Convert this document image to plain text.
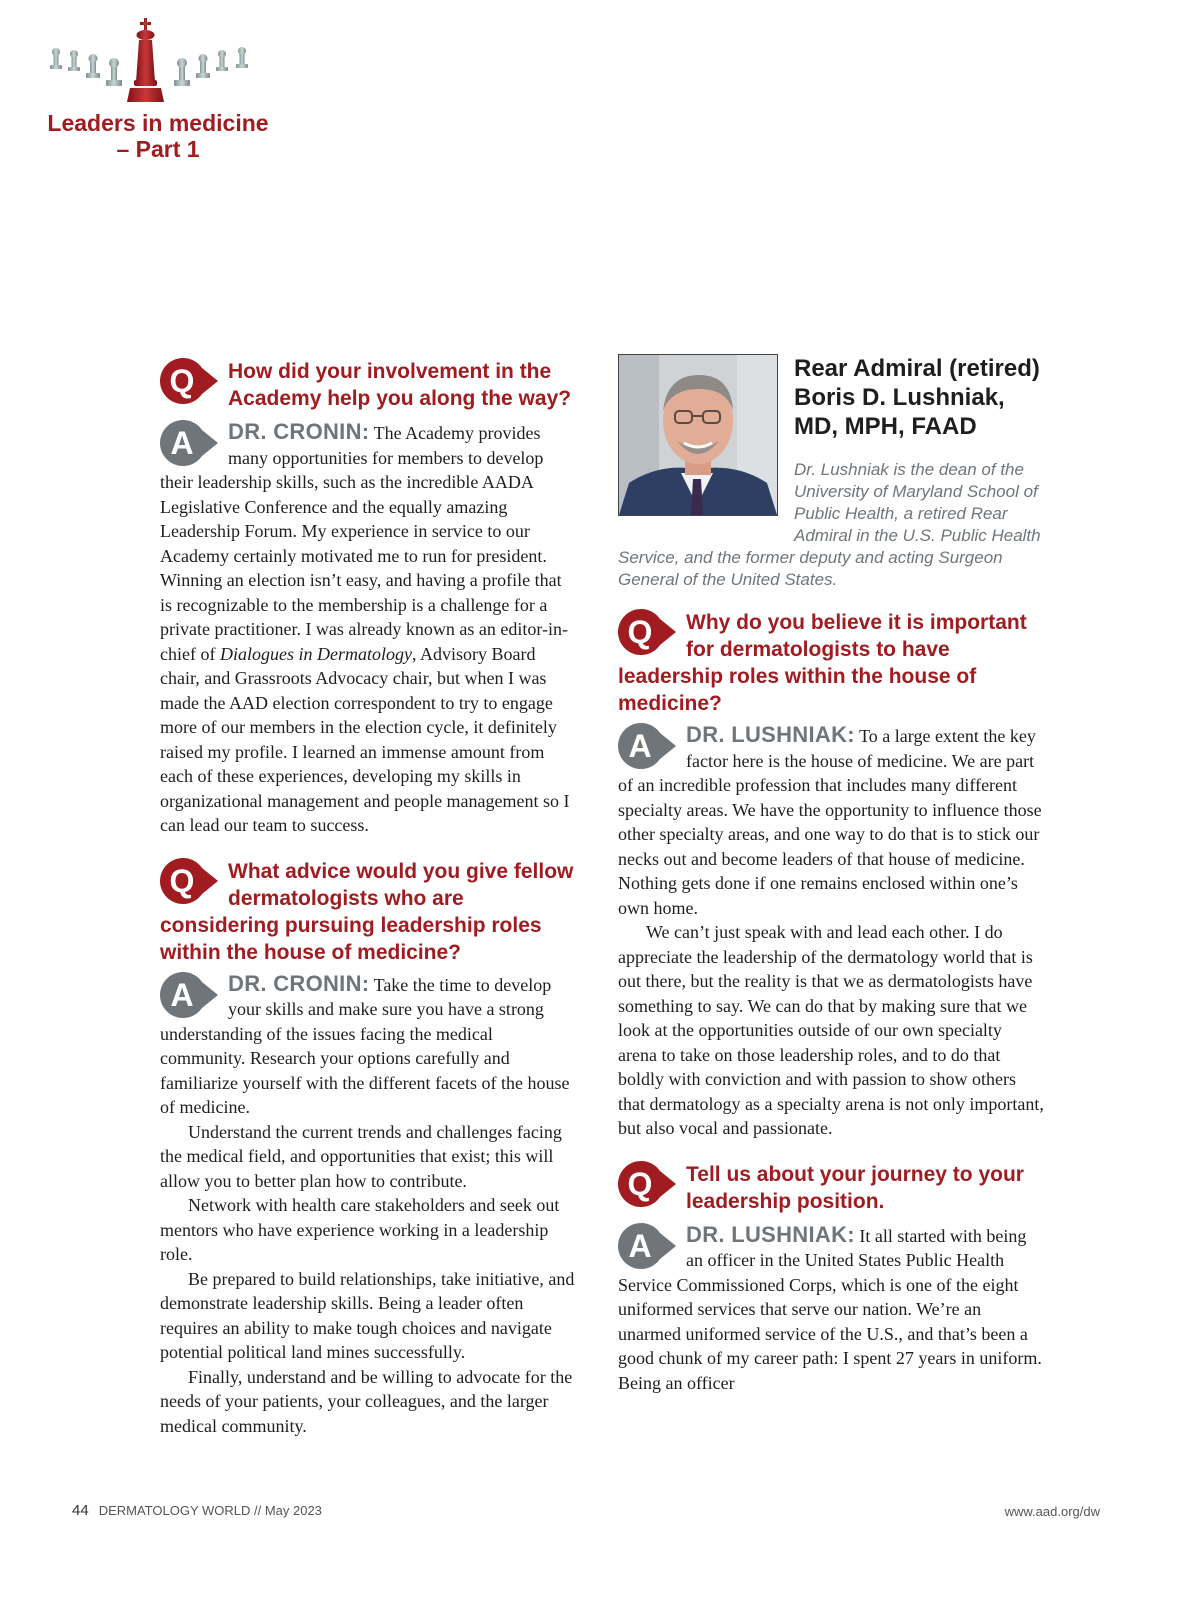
Leaders in medicine
– Part 1
Q	How did your involvement in the Academy help you along the way?
A	DR. CRONIN: The Academy provides many opportunities for members to develop their leadership skills, such as the incredible AADA Legislative Conference and the equally amazing Leadership Forum. My experience in service to our Academy certainly motivated me to run for president. Winning an election isn’t easy, and having a profile that is recognizable to the membership is a challenge for a private practitioner. I was already known as an editor-in-chief of Dialogues in Dermatology, Advisory Board chair, and Grassroots Advocacy chair, but when I was made the AAD election correspondent to try to engage more of our members in the election cycle, it definitely raised my profile. I learned an immense amount from each of these experiences, developing my skills in organizational management and people management so I can lead our team to success.

Q	What advice would you give fellow dermatologists who are considering pursuing leadership roles within the house of medicine?
A	DR. CRONIN: Take the time to develop your skills and make sure you have a strong understanding of the issues facing the medical community. Research your options carefully and familiarize yourself with the different facets of the house of medicine.

Understand the current trends and challenges facing the medical field, and opportunities that exist; this will allow you to better plan how to contribute.

Network with health care stakeholders and seek out mentors who have experience working in a leadership role.

Be prepared to build relationships, take initiative, and demonstrate leadership skills. Being a leader often requires an ability to make tough choices and navigate potential political land mines successfully.

Finally, understand and be willing to advocate for the needs of your patients, your colleagues, and the larger medical community.

Rear Admiral (retired) Boris D. Lushniak, MD, MPH, FAAD
Dr. Lushniak is the dean of the University of Maryland School of Public Health, a retired Rear Admiral in the U.S. Public Health Service, and the former deputy and acting Surgeon General of the United States.
Q	Why do you believe it is important for dermatologists to have leadership roles within the house of medicine?
A	DR. LUSHNIAK: To a large extent the key factor here is the house of medicine. We are part of an incredible profession that includes many different specialty areas. We have the opportunity to influence those other specialty areas, and one way to do that is to stick our necks out and become leaders of that house of medicine. Nothing gets done if one remains enclosed within one’s own home.

We can’t just speak with and lead each other. I do appreciate the leadership of the dermatology world that is out there, but the reality is that we as dermatologists have something to say. We can do that by making sure that we look at the opportunities outside of our own specialty arena to take on those leadership roles, and to do that boldly with conviction and with passion to show others that dermatology as a specialty arena is not only important, but also vocal and passionate.

Q	Tell us about your journey to your leadership position.
A	DR. LUSHNIAK: It all started with being an officer in the United States Public Health Service Commissioned Corps, which is one of the eight uniformed services that serve our nation. We’re an unarmed uniformed service of the U.S., and that’s been a good chunk of my career path: I spent 27 years in uniform. Being an officer

44 DERMATOLOGY WORLD // May 2023	www.aad.org/dw
